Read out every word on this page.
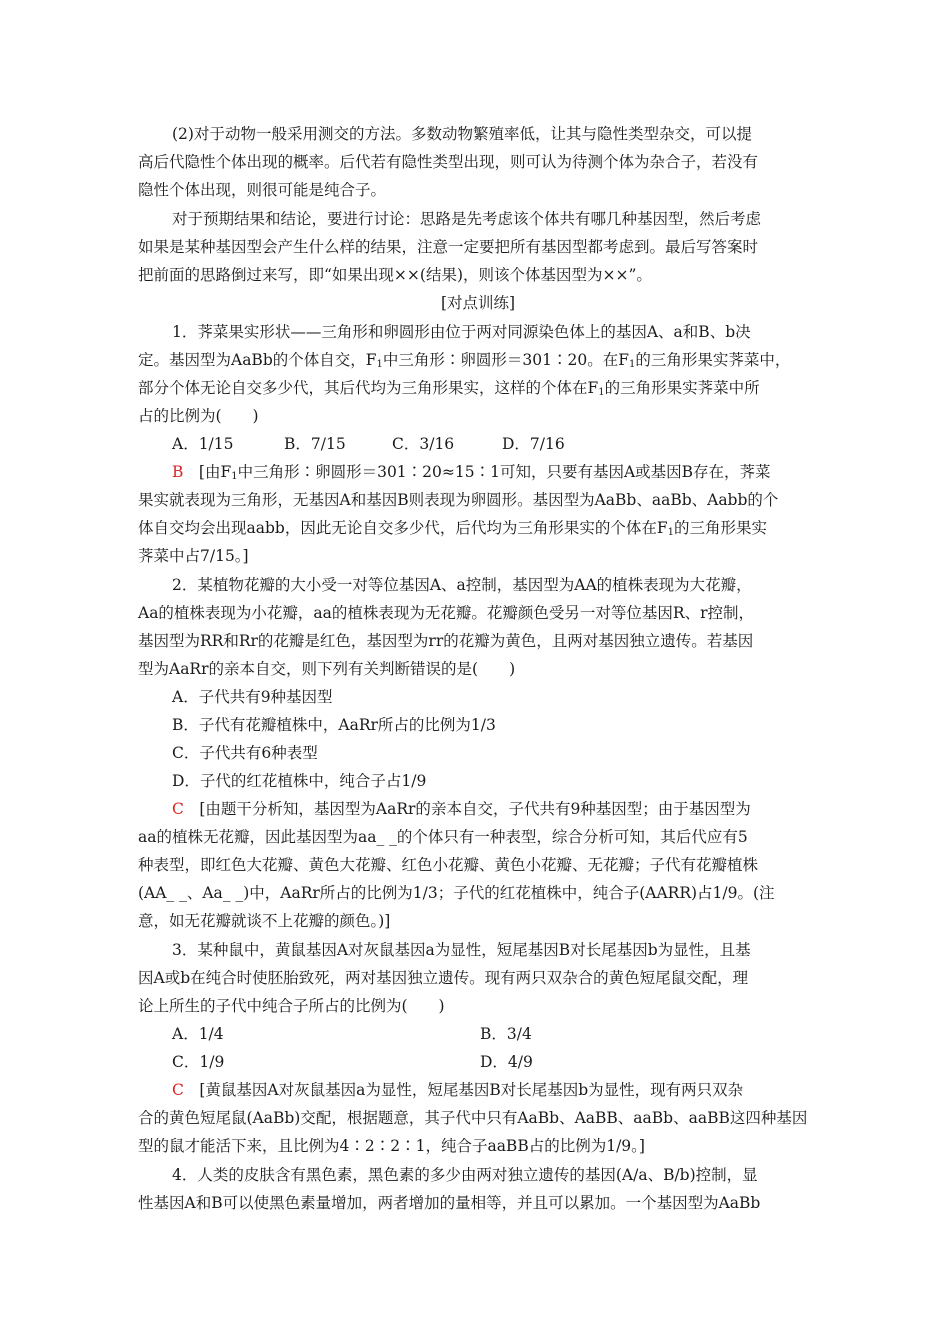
(2)对于动物一般采用测交的方法。多数动物繁殖率低，让其与隐性类型杂交，可以提
高后代隐性个体出现的概率。后代若有隐性类型出现，则可认为待测个体为杂合子，若没有
隐性个体出现，则很可能是纯合子。
对于预期结果和结论，要进行讨论：思路是先考虑该个体共有哪几种基因型，然后考虑
如果是某种基因型会产生什么样的结果，注意一定要把所有基因型都考虑到。最后写答案时
把前面的思路倒过来写，即“如果出现××(结果)，则该个体基因型为××”。
[对点训练]
1．荠菜果实形状——三角形和卵圆形由位于两对同源染色体上的基因A、a和B、b决
定。基因型为AaBb的个体自交，$F_1$中三角形∶卵圆形＝301∶20。在$F_1$的三角形果实荠菜中，
部分个体无论自交多少代，其后代均为三角形果实，这样的个体在$F_1$的三角形果实荠菜中所
占的比例为(　　)
A．1/15	B．7/15	C．3/16	D．7/16
B　[由$F_1$中三角形∶卵圆形＝301∶20≈15∶1可知，只要有基因A或基因B存在，荠菜
果实就表现为三角形，无基因A和基因B则表现为卵圆形。基因型为AaBb、aaBb、Aabb的个
体自交均会出现aabb，因此无论自交多少代，后代均为三角形果实的个体在$F_1$的三角形果实
荠菜中占7/15。]
2．某植物花瓣的大小受一对等位基因A、a控制，基因型为AA的植株表现为大花瓣，
Aa的植株表现为小花瓣，aa的植株表现为无花瓣。花瓣颜色受另一对等位基因R、r控制，
基因型为RR和Rr的花瓣是红色，基因型为rr的花瓣为黄色，且两对基因独立遗传。若基因
型为AaRr的亲本自交，则下列有关判断错误的是(　　)
A．子代共有9种基因型
B．子代有花瓣植株中，AaRr所占的比例为1/3
C．子代共有6种表型
D．子代的红花植株中，纯合子占1/9
C　[由题干分析知，基因型为AaRr的亲本自交，子代共有9种基因型；由于基因型为
aa的植株无花瓣，因此基因型为aa_ _的个体只有一种表型，综合分析可知，其后代应有5
种表型，即红色大花瓣、黄色大花瓣、红色小花瓣、黄色小花瓣、无花瓣；子代有花瓣植株
(AA_ _、Aa_ _)中，AaRr所占的比例为1/3；子代的红花植株中，纯合子(AARR)占1/9。(注
意，如无花瓣就谈不上花瓣的颜色。)]
3．某种鼠中，黄鼠基因A对灰鼠基因a为显性，短尾基因B对长尾基因b为显性，且基
因A或b在纯合时使胚胎致死，两对基因独立遗传。现有两只双杂合的黄色短尾鼠交配，理
论上所生的子代中纯合子所占的比例为(　　)
A．1/4	B．3/4
C．1/9	D．4/9
C　[黄鼠基因A对灰鼠基因a为显性，短尾基因B对长尾基因b为显性，现有两只双杂
合的黄色短尾鼠(AaBb)交配，根据题意，其子代中只有AaBb、AaBB、aaBb、aaBB这四种基因
型的鼠才能活下来，且比例为4∶2∶2∶1，纯合子aaBB占的比例为1/9。]
4．人类的皮肤含有黑色素，黑色素的多少由两对独立遗传的基因(A/a、B/b)控制，显
性基因A和B可以使黑色素量增加，两者增加的量相等，并且可以累加。一个基因型为AaBb
